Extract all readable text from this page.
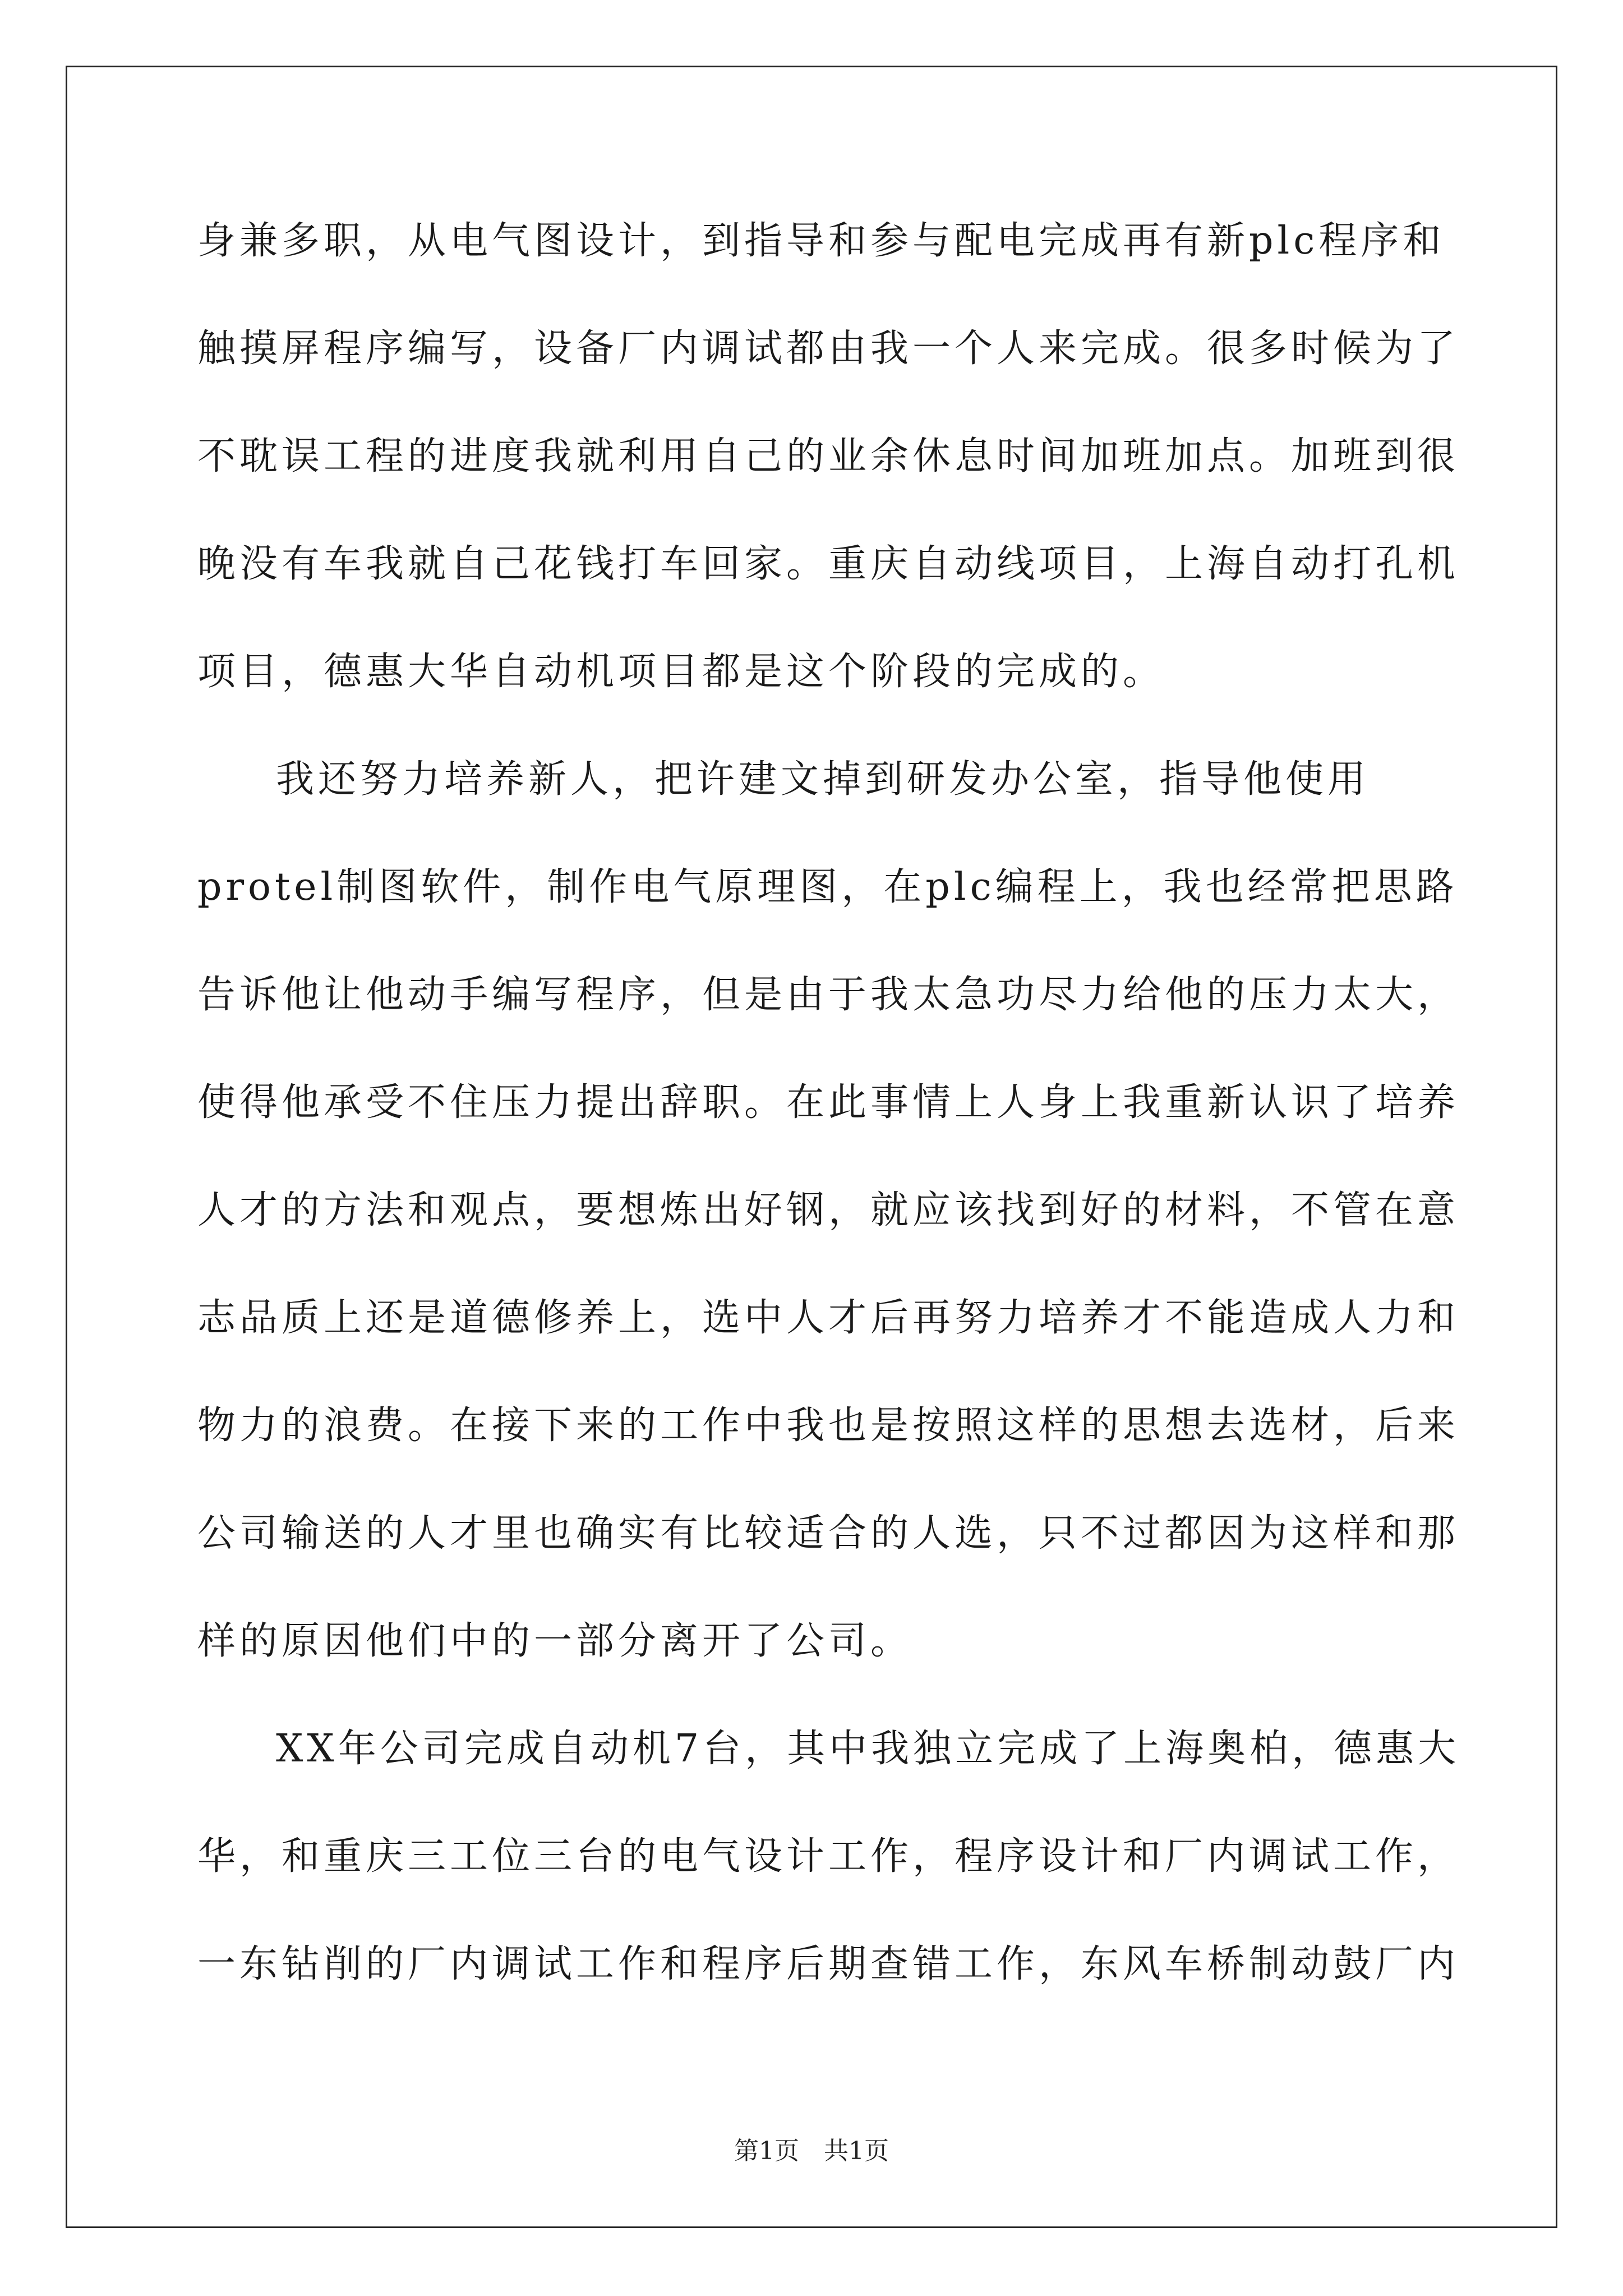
身兼多职，从电气图设计，到指导和参与配电完成再有新plc程序和
触摸屏程序编写，设备厂内调试都由我一个人来完成。很多时候为了
不耽误工程的进度我就利用自己的业余休息时间加班加点。加班到很
晚没有车我就自己花钱打车回家。重庆自动线项目，上海自动打孔机
项目，德惠大华自动机项目都是这个阶段的完成的。
我还努力培养新人，把许建文掉到研发办公室，指导他使用
protel制图软件，制作电气原理图，在plc编程上，我也经常把思路
告诉他让他动手编写程序，但是由于我太急功尽力给他的压力太大，
使得他承受不住压力提出辞职。在此事情上人身上我重新认识了培养
人才的方法和观点，要想炼出好钢，就应该找到好的材料，不管在意
志品质上还是道德修养上，选中人才后再努力培养才不能造成人力和
物力的浪费。在接下来的工作中我也是按照这样的思想去选材，后来
公司输送的人才里也确实有比较适合的人选，只不过都因为这样和那
样的原因他们中的一部分离开了公司。
XX年公司完成自动机7台，其中我独立完成了上海奥柏，德惠大
华，和重庆三工位三台的电气设计工作，程序设计和厂内调试工作，
一东钻削的厂内调试工作和程序后期查错工作，东风车桥制动鼓厂内
第1页　共1页
